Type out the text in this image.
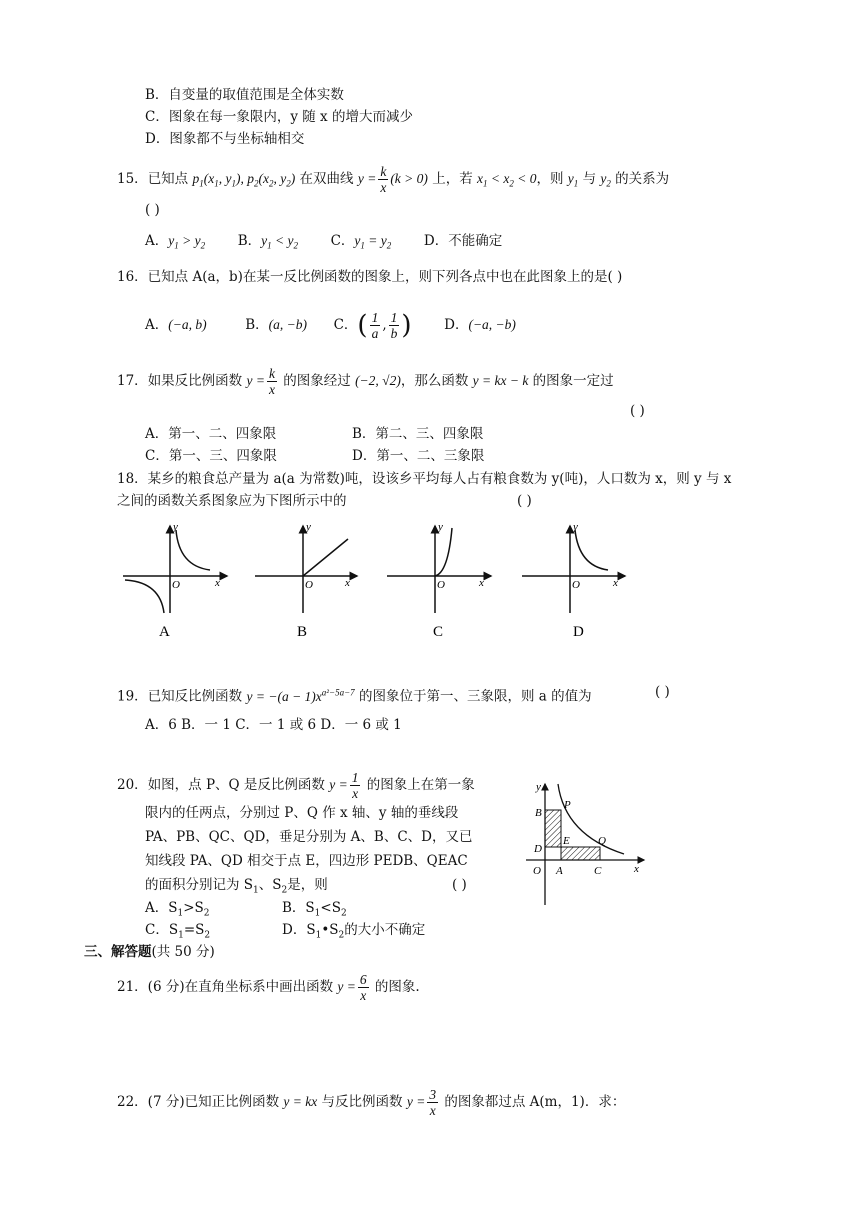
B．自变量的取值范围是全体实数
C．图象在每一象限内，y 随 x 的增大而减少
D．图象都不与坐标轴相交
15．已知点 $p_1(x_1$, $y_1$), $p_2(x_2$, $y_2$) 在双曲线 $y = \frac{k}{x} (k > 0)$ 上，若 $x_1 < x_2 < 0$，则 $y_1$ 与 $y_2$ 的关系为
( )
A．$y_1 > y_2$ B．$y_1 < y_2$ C．$y_1 = y_2$ D．不能确定
16．已知点 A(a，b)在某一反比例函数的图象上，则下列各点中也在此图象上的是( )
A．(−a, b)	B．(a, −b) C．( $\frac{1}{a}$ , $\frac{1}{b}$ ) D．(−a, −b)
17．如果反比例函数 $y = \frac{k}{x}$ 的图象经过 (−2, √2)，那么函数 y = kx − k 的图象一定过
( )
A．第一、二、四象限	B．第二、三、四象限
C．第一、三、四象限	D．第一、二、三象限
18．某乡的粮食总产量为 a(a 为常数)吨，设该乡平均每人占有粮食数为 y(吨)，人口数为 x，则 y 与 x
之间的函数关系图象应为下图所示中的	( )
y
O	x
A
y
O	x
B
y
O	x
C
y
O	x
D
19．已知反比例函数 $y = -(a - 1)x^{a^2-5a-7}$ 的图象位于第一、三象限，则 a 的值为	( )
A．6 B．一 1 C．一 1 或 6 D．一 6 或 1
20．如图，点 P、Q 是反比例函数 $y = \frac{1}{x}$ 的图象上在第一象
限内的任两点，分别过 P、Q 作 x 轴、y 轴的垂线段
PA、PB、QC、QD，垂足分别为 A、B、C、D，又已
知线段 PA、QD 相交于点 E，四边形 PEDB、QEAC
的面积分别记为 $S_1$、$S_2$是，则	( )
A．$S_1>S_2$	B．$S_1<S_2$
C．$S_1=S_2$	D．$S_1•S_2$的大小不确定
y
B
P
E
D
Q
O A	C	x
三、解答题(共 50 分)
21．(6 分)在直角坐标系中画出函数 $y = \frac{6}{x}$ 的图象.
22．(7 分)已知正比例函数 y = kx 与反比例函数 $y = \frac{3}{x}$ 的图象都过点 A(m，1)．求：
